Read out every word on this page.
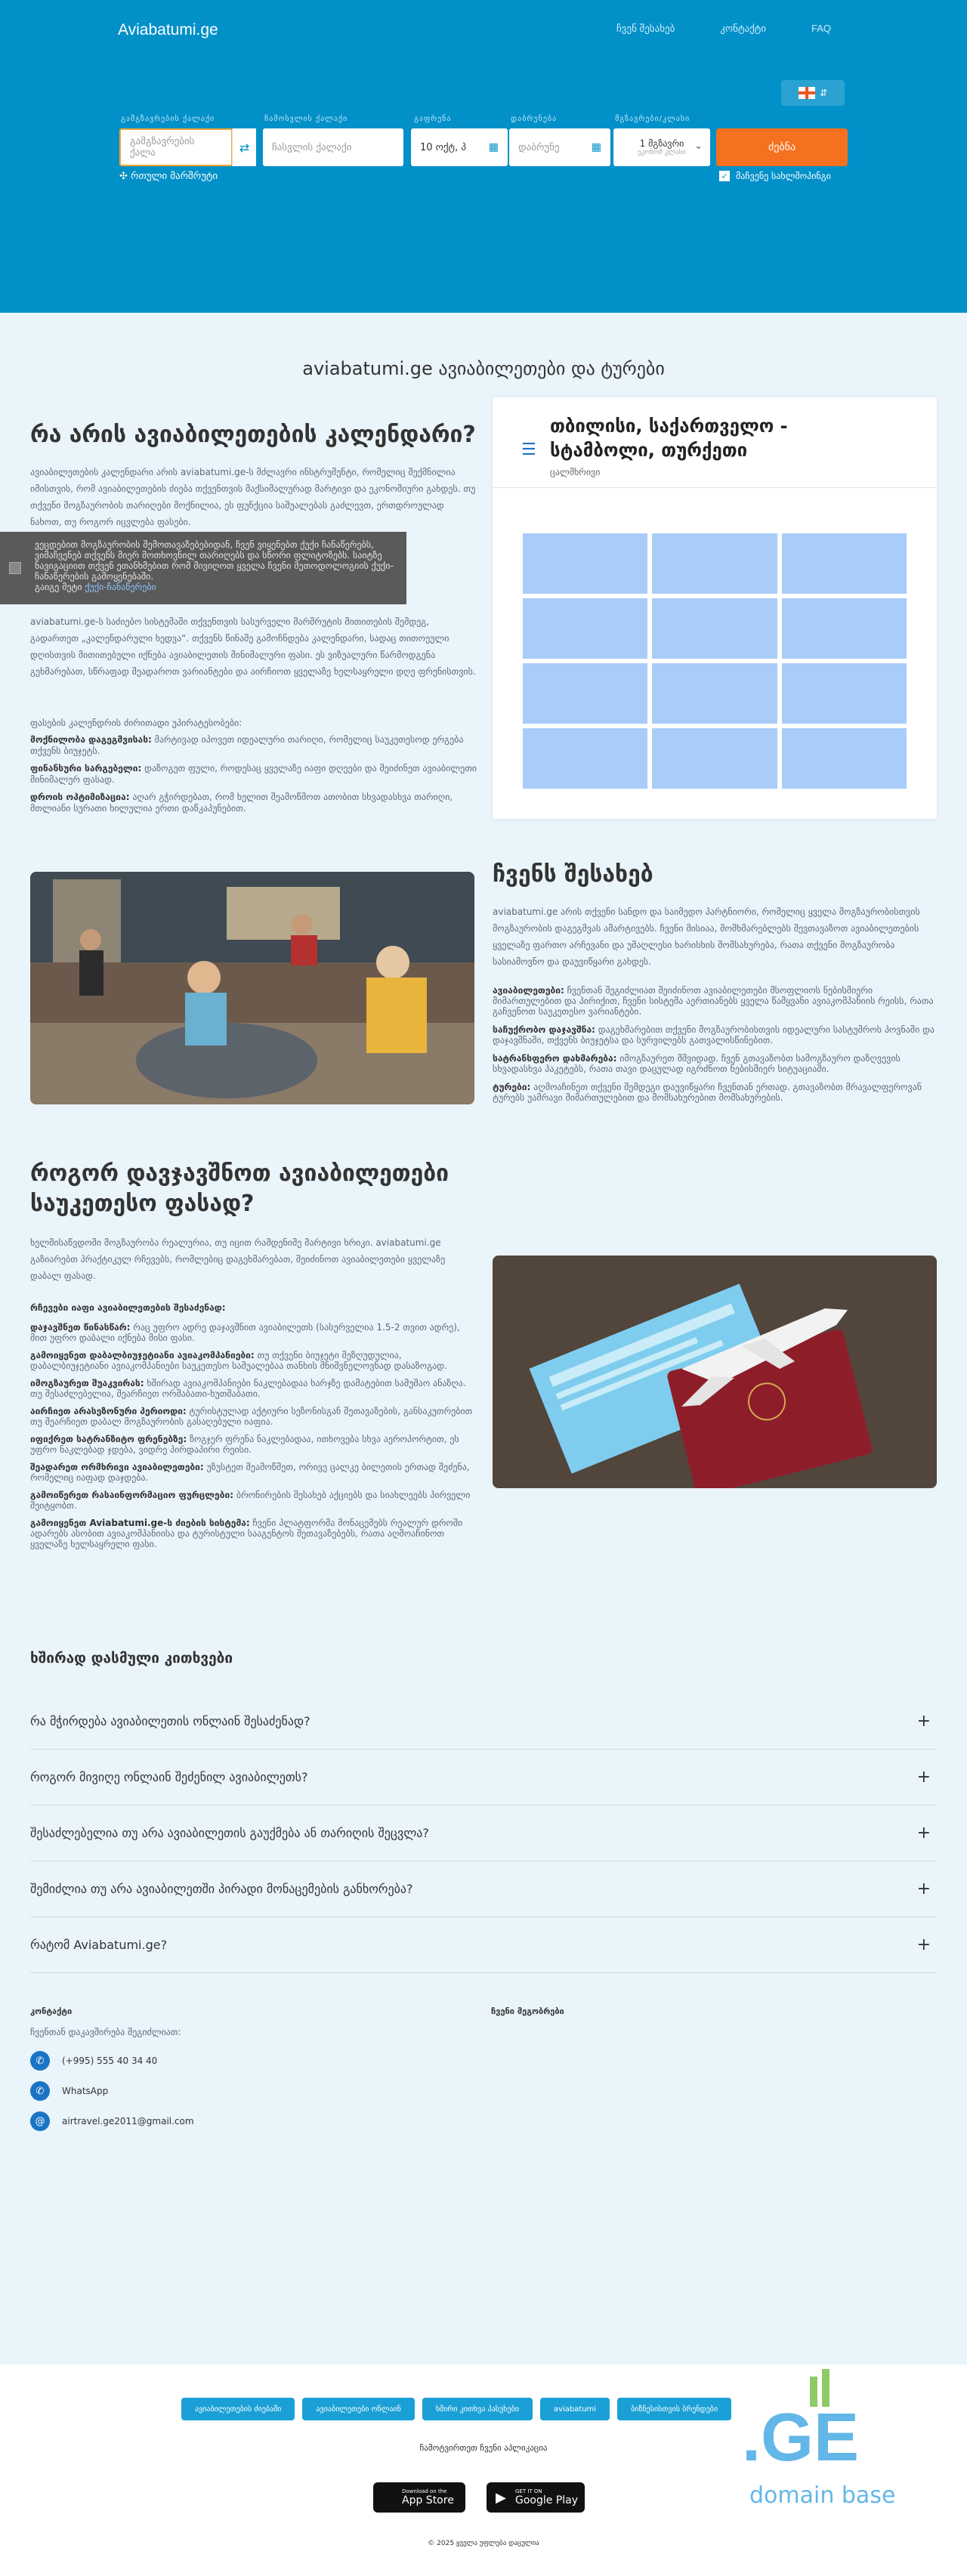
Aviabatumi.ge	ჩვენ შესახებ	კონტაქტი	FAQ
⇵
გამგზავრების ქალაქი
გამგზავრების ქალა	⇄
ჩამოსვლის ქალაქი
ჩასვლის ქალაქი
გაფრენა
10 ოქტ, პ ▦
დაბრუნება
დაბრუნე	▦
მგზავრები/კლასი
1 მგზავრი
ეკონომ კლასი
⌄	ძებნა
✣ რთული მარშრუტი	✓ მაჩვენე სახლშოპინგი
aviabatumi.ge ავიაბილეთები და ტურები
რა არის ავიაბილეთების კალენდარი?
ავიაბილეთების კალენდარი არის aviabatumi.ge-ს მძლავრი ინსტრუმენტი, რომელიც შექმნილია იმისთვის, რომ ავიაბილეთების ძიება თქვენთვის მაქსიმალურად მარტივი და ეკონომიური გახდეს. თუ თქვენი მოგზაურობის თარიღები მოქნილია, ეს ფუნქცია საშუალებას გაძლევთ, ერთდროულად ნახოთ, თუ როგორ იცვლება ფასები.
aviabatumi.ge-ს საძიებო სისტემაში თქვენთვის სასურველი მარშრუტის მითითების შემდეგ, გადართეთ „კალენდარული ხედვა“. თქვენს წინაშე გამოჩნდება კალენდარი, სადაც თითოეული დღისთვის მითითებული იქნება ავიაბილეთის მინიმალური ფასი. ეს ვიზუალური წარმოდგენა გეხმარებათ, სწრაფად შეადაროთ ვარიანტები და აირჩიოთ ყველაზე ხელსაყრელი დღე ფრენისთვის.
ფასების კალენდრის ძირითადი უპირატესობები:
მოქნილობა დაგეგმვისას: მარტივად იპოვეთ იდეალური თარიღი, რომელიც საუკეთესოდ ერგება თქვენს ბიუჯეტს.
ფინანსური სარგებელი: დაზოგეთ ფული, როდესაც ყველაზე იაფი დღეები და შეიძინეთ ავიაბილეთი მინიმალურ ფასად.
დროის ოპტიმიზაცია: აღარ გჭირდებათ, რომ ხელით შეამოწმოთ ათობით სხვადასხვა თარიღი, მთლიანი სურათი ხილულია ერთი დაწკაპუნებით.
ვეცდებით მოგზაურობის შემოთავაზებებიდან, ჩვენ ვიყენებთ ქუქი ჩანაწერებს, ვიმაჩვენებ თქვენს მიერ მოთხოვნილ თარიღებს და სწორი ფლიტოზებს. საიტზე ნავიგაციით თქვენ ეთანხმებით რომ მივიღოთ ყველა ჩვენი მეთოდოლოგიის ქუქი-ჩანაწერების გამოყენებაში.
გაიგე მეტი ქუქი-ჩანაწერები
☰
თბილისი, საქართველო - სტამბოლი, თურქეთი
ცალმხრივი
ჩვენს შესახებ
aviabatumi.ge არის თქვენი სანდო და საიმედო პარტნიორი, რომელიც ყველა მოგზაურობისთვის მოგზაურობის დაგეგმვას ამარტივებს. ჩვენი მისიაა, მომხმარებლებს შევთავაზოთ ავიაბილეთების ყველაზე ფართო არჩევანი და უმაღლესი ხარისხის მომსახურება, რათა თქვენი მოგზაურობა სასიამოვნო და დაუვიწყარი გახდეს.
ავიაბილეთები: ჩვენთან შეგიძლიათ შეიძინოთ ავიაბილეთები მსოფლიოს ნებისმიერი მიმართულებით და პირიქით, ჩვენი სისტემა აერთიანებს ყველა წამყვანი ავიაკომპანიის რეისს, რათა გაჩვენოთ საუკეთესო ვარიანტები.
საჩუქრობო დაჯავშნა: დაგეხმარებით თქვენი მოგზაურობისთვის იდეალური სასტუმროს პოვნაში და დაჯავშნაში, თქვენს ბიუჯეტსა და სურვილებს გათვალისწინებით.
სატრანსფერო დახმარება: იმოგზაურეთ მშვიდად. ჩვენ გთავაზობთ სამოგზაურო დაზღვევის სხვადასხვა პაკეტებს, რათა თავი დაცულად იგრძნოთ ნებისმიერ სიტუაციაში.
ტურები: აღმოაჩინეთ თქვენი შემდეგი დაუვიწყარი ჩვენთან ერთად. გთავაზობთ მრავალფეროვან ტურებს უამრავი მიმართულებით და მომსახურებით მომსახურების.
როგორ დავჯავშნოთ ავიაბილეთები საუკეთესო ფასად?
ხელმისაწვდომი მოგზაურობა რეალურია, თუ იცით რამდენიმე მარტივი ხრიკი. aviabatumi.ge გაზიარებთ პრაქტიკულ რჩევებს, რომლებიც დაგეხმარებათ, შეიძინოთ ავიაბილეთები ყველაზე დაბალ ფასად.
რჩევები იაფი ავიაბილეთების შესაძენად:
დაჯავშნეთ წინასწარ: რაც უფრო ადრე დაჯავშნით ავიაბილეთს (სასურველია 1.5-2 თვით ადრე), მით უფრო დაბალი იქნება მისი ფასი.
გამოიყენეთ დაბალბიუჯეტიანი ავიაკომპანიები: თუ თქვენი ბიუჯეტი შეზღუდულია, დაბალბიუჯეტიანი ავიაკომპანიები საუკეთესო საშუალებაა თანხის მნიშვნელოვნად დასაზოგად.
იმოგზაურეთ შუაკვირას: ხშირად ავიაკომპანიები ნაკლებადაა ხარჯზე დამატებით სამუშაო ანაზღა. თუ შესაძლებელია, შეარჩიეთ ორშაბათი-ხუთშაბათი.
აირჩიეთ არასეზონური პერიოდი: ტურისტულად აქტიური სეზონისგან შეთავაზების, განსაკუთრებით თუ შეარჩიეთ დაბალ მოგზაურობის გასაღებული იაფია.
იფიქრეთ სატრანზიტო ფრენებზე: ზოგჯერ ფრენა ნაკლებადაა, ითხოვება სხვა აეროპორტით, ეს უფრო ნაკლებად ჯდება, ვიდრე პირდაპირი რეისი.
შეადარეთ ორმხრივი ავიაბილეთები: უზუსტეთ შეამოწმეთ, ორივე ცალკე ბილეთის ერთად შეძენა, რომელიც იაფად დაჯდება.
გამოიწერეთ რასაინფორმაციო ფურცლები: ბრონირების შესახებ აქციებს და სიახლეებს პირველი შეიტყობთ.
გამოიყენეთ Aviabatumi.ge-ს ძიების სისტემა: ჩვენი პლატფორმა მონაცემებს რეალურ დროში ადარებს ასობით ავიაკომპანიისა და ტურისტული სააგენტოს შეთავაზებებს, რათა აღმოაჩინოთ ყველაზე ხელსაყრელი ფასი.
ხშირად დასმული კითხვები
რა მჭირდება ავიაბილეთის ონლაინ შესაძენად?	+
როგორ მივიღე ონლაინ შეძენილ ავიაბილეთს?	+
შესაძლებელია თუ არა ავიაბილეთის გაუქმება ან თარიღის შეცვლა?	+
შემიძლია თუ არა ავიაბილეთში პირადი მონაცემების განხორება?	+
რატომ Aviabatumi.ge?	+
კონტაქტი
ჩვენთან დაკავშირება შეგიძლიათ:
✆	(+995) 555 40 34 40
✆	WhatsApp
@	airtravel.ge2011@gmail.com
ჩვენი მეგობრები
ავიაბილეთების ძიებაში	ავიაბილეთები ონლაინ	ხშირი კითხვა პასუხები	aviabatumi	ბიზნესისთვის ბრენდები
ჩამოტვირთეთ ჩვენი აპლიკაცია
Download on the
App Store	▶ GET IT ON
Google Play
© 2025 ყველა უფლება დაცულია
.GE
domain base
